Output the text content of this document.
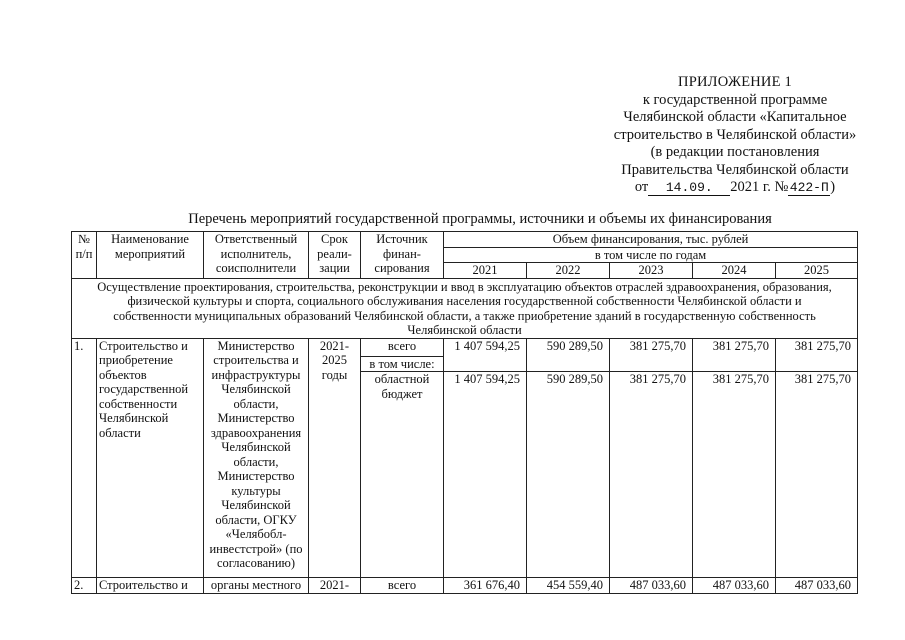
ПРИЛОЖЕНИЕ 1
к государственной программе
Челябинской области «Капитальное
строительство в Челябинской области»
(в редакции постановления
Правительства Челябинской области
от 14.09. 2021 г. №422-П )
Перечень мероприятий государственной программы, источники и объемы их финансирования
№ п/п	Наименование мероприятий	Ответственный исполнитель, соисполнители	Срок реали- зации	Источник финан- сирования	Объем финансирования, тыс. рублей				
					в том числе по годам				
					2021	2022	2023	2024	2025
Осуществление проектирования, строительства, реконструкции и ввод в эксплуатацию объектов отраслей здравоохранения, образования, физической культуры и спорта, социального обслуживания населения государственной собственности Челябинской области и собственности муниципальных образований Челябинской области, а также приобретение зданий в государственную собственность Челябинской области									
1.	Строительство и приобретение объектов государственной собственности Челябинской области	Министерство строительства и инфраструктуры Челябинской области, Министерство здравоохранения Челябинской области, Министерство культуры Челябинской области, ОГКУ «Челябобл-инвестстрой» (по согласованию)	2021-2025 годы	всего	1 407 594,25	590 289,50	381 275,70	381 275,70	381 275,70
				в том числе:					
				областной бюджет	1 407 594,25	590 289,50	381 275,70	381 275,70	381 275,70
2.	Строительство и	органы местного	2021-	всего	361 676,40	454 559,40	487 033,60	487 033,60	487 033,60
